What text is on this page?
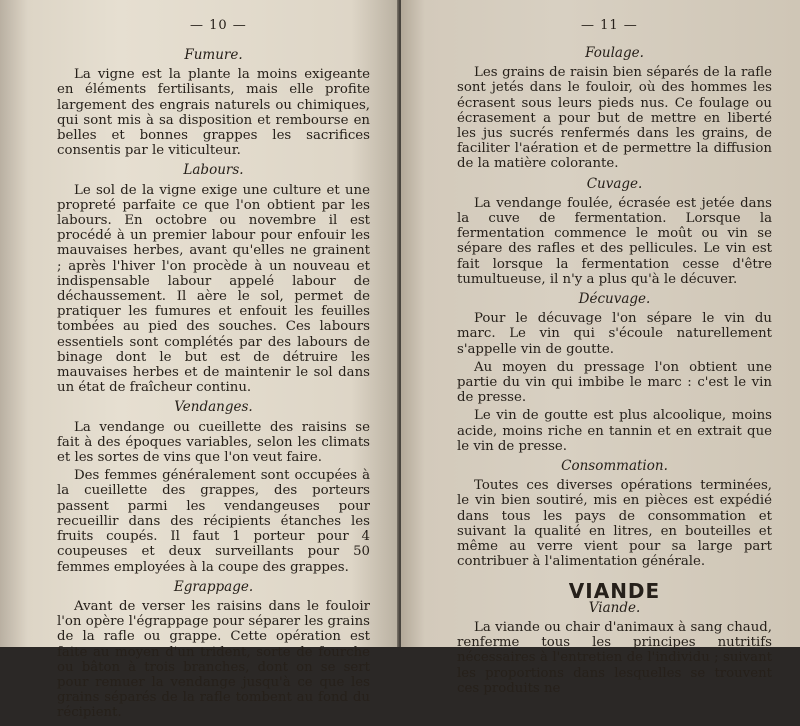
— 10 —
Fumure.

La vigne est la plante la moins exigeante en éléments fertilisants, mais elle profite largement des engrais naturels ou chimiques, qui sont mis à sa disposition et rembourse en belles et bonnes grappes les sacrifices consentis par le viticulteur.

Labours.

Le sol de la vigne exige une culture et une propreté parfaite ce que l'on obtient par les labours. En octobre ou novembre il est procédé à un premier labour pour enfouir les mauvaises herbes, avant qu'elles ne grainent ; après l'hiver l'on procède à un nouveau et indispensable labour appelé labour de déchaussement. Il aère le sol, permet de pratiquer les fumures et enfouit les feuilles tombées au pied des souches. Ces labours essentiels sont complétés par des labours de binage dont le but est de détruire les mauvaises herbes et de maintenir le sol dans un état de fraîcheur continu.

Vendanges.

La vendange ou cueillette des raisins se fait à des époques variables, selon les climats et les sortes de vins que l'on veut faire.

Des femmes généralement sont occupées à la cueillette des grappes, des porteurs passent parmi les vendangeuses pour recueillir dans des récipients étanches les fruits coupés. Il faut 1 porteur pour 4 coupeuses et deux surveillants pour 50 femmes employées à la coupe des grappes.

Egrappage.

Avant de verser les raisins dans le fouloir l'on opère l'égrappage pour séparer les grains de la rafle ou grappe. Cette opération est faite au moyen d'un trident, sorte de fourche ou bâton à trois branches, dont on se sert pour remuer la vendange jusqu'à ce que les grains séparés de la rafle tombent au fond du récipient.

— 11 —
Foulage.

Les grains de raisin bien séparés de la rafle sont jetés dans le fouloir, où des hommes les écrasent sous leurs pieds nus. Ce foulage ou écrasement a pour but de mettre en liberté les jus sucrés renfermés dans les grains, de faciliter l'aération et de permettre la diffusion de la matière colorante.

Cuvage.

La vendange foulée, écrasée est jetée dans la cuve de fermentation. Lorsque la fermentation commence le moût ou vin se sépare des rafles et des pellicules. Le vin est fait lorsque la fermentation cesse d'être tumultueuse, il n'y a plus qu'à le décuver.

Décuvage.

Pour le décuvage l'on sépare le vin du marc. Le vin qui s'écoule naturellement s'appelle vin de goutte.

Au moyen du pressage l'on obtient une partie du vin qui imbibe le marc : c'est le vin de presse.

Le vin de goutte est plus alcoolique, moins acide, moins riche en tannin et en extrait que le vin de presse.

Consommation.

Toutes ces diverses opérations terminées, le vin bien soutiré, mis en pièces est expédié dans tous les pays de consommation et suivant la qualité en litres, en bouteilles et même au verre vient pour sa large part contribuer à l'alimentation générale.

VIANDE
Viande.

La viande ou chair d'animaux à sang chaud, renferme tous les principes nutritifs nécessaires à l'entretien de l'individu ; suivant les proportions dans lesquelles se trouvent ces produits ne
